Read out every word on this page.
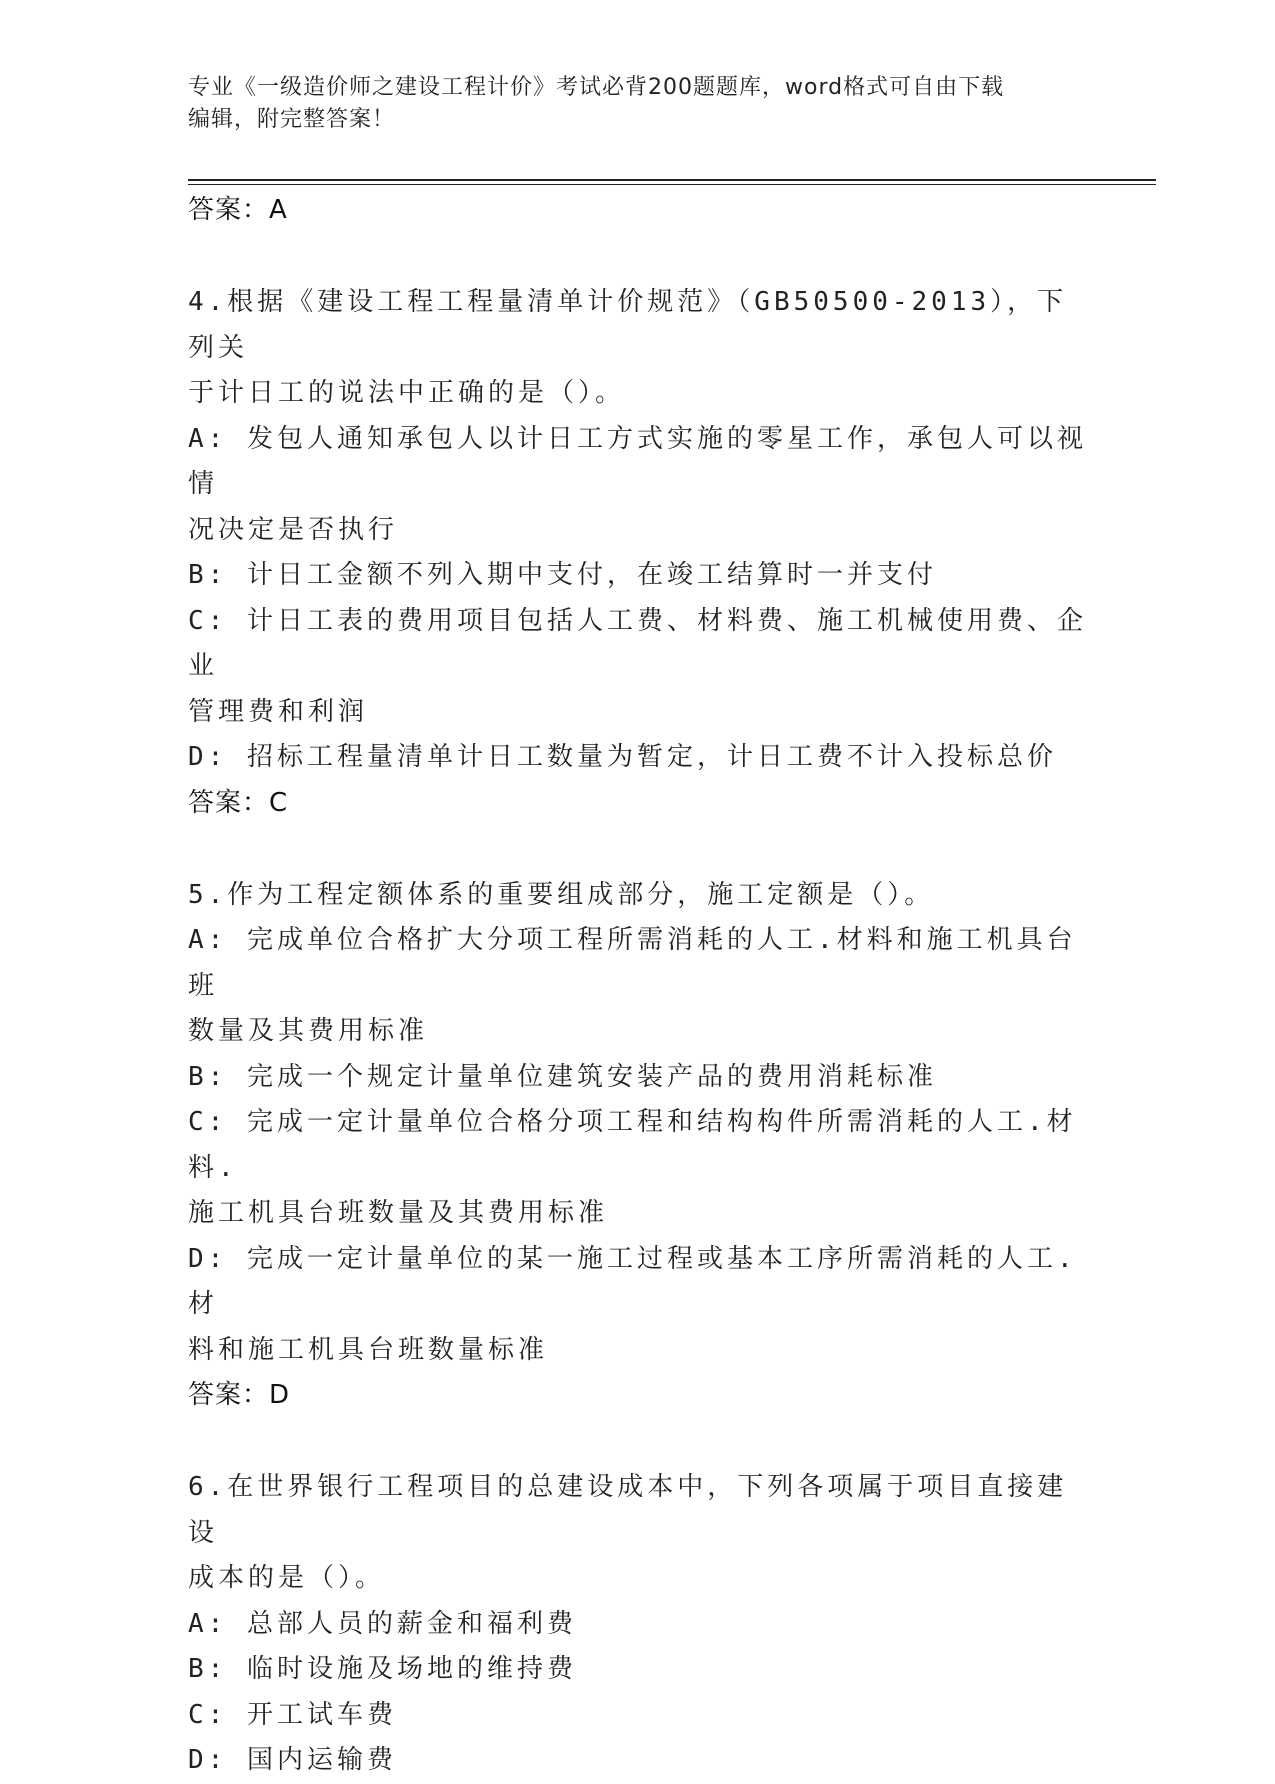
专业《一级造价师之建设工程计价》考试必背200题题库，word格式可自由下载
编辑，附完整答案！

答案：A

4.根据《建设工程工程量清单计价规范》（GB50500-2013），下列关

于计日工的说法中正确的是（）。

A: 发包人通知承包人以计日工方式实施的零星工作，承包人可以视情

况决定是否执行

B: 计日工金额不列入期中支付，在竣工结算时一并支付

C: 计日工表的费用项目包括人工费、材料费、施工机械使用费、企业

管理费和利润

D: 招标工程量清单计日工数量为暂定，计日工费不计入投标总价

答案：C

5.作为工程定额体系的重要组成部分，施工定额是（）。

A: 完成单位合格扩大分项工程所需消耗的人工.材料和施工机具台班

数量及其费用标准

B: 完成一个规定计量单位建筑安装产品的费用消耗标准

C: 完成一定计量单位合格分项工程和结构构件所需消耗的人工.材料.

施工机具台班数量及其费用标准

D: 完成一定计量单位的某一施工过程或基本工序所需消耗的人工.材

料和施工机具台班数量标准

答案：D

6.在世界银行工程项目的总建设成本中，下列各项属于项目直接建设

成本的是（）。

A: 总部人员的薪金和福利费

B: 临时设施及场地的维持费

C: 开工试车费

D: 国内运输费
